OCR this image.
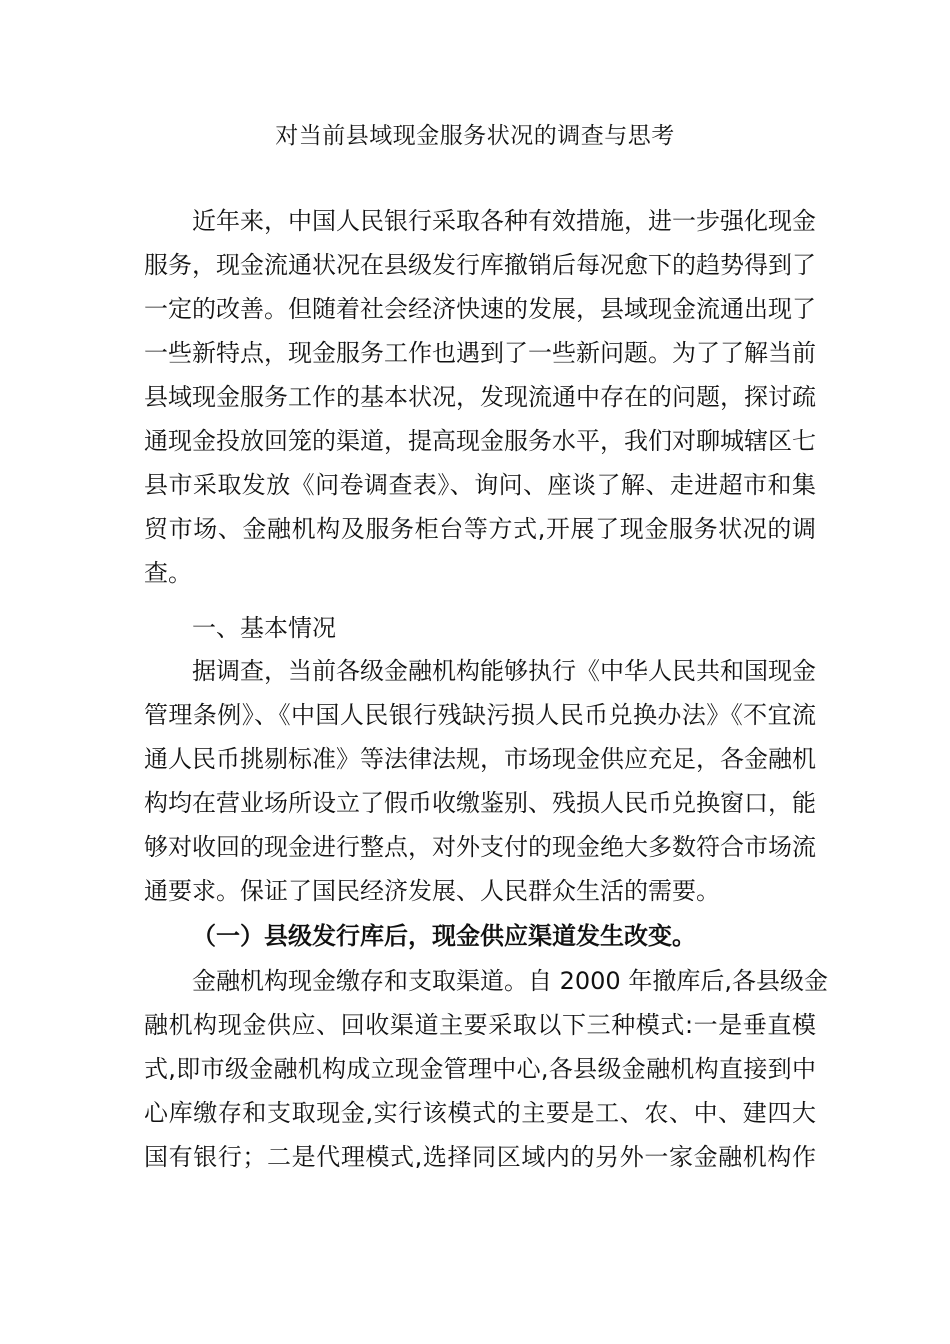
对当前县域现金服务状况的调查与思考
近年来，中国人民银行采取各种有效措施，进一步强化现金
服务，现金流通状况在县级发行库撤销后每况愈下的趋势得到了
一定的改善。但随着社会经济快速的发展，县域现金流通出现了
一些新特点，现金服务工作也遇到了一些新问题。为了了解当前
县域现金服务工作的基本状况，发现流通中存在的问题，探讨疏
通现金投放回笼的渠道，提高现金服务水平，我们对聊城辖区七
县市采取发放《问卷调查表》、询问、座谈了解、走进超市和集
贸市场、金融机构及服务柜台等方式,开展了现金服务状况的调
查。
一、基本情况
据调查，当前各级金融机构能够执行《中华人民共和国现金
管理条例》、《中国人民银行残缺污损人民币兑换办法》《不宜流
通人民币挑剔标准》等法律法规，市场现金供应充足，各金融机
构均在营业场所设立了假币收缴鉴别、残损人民币兑换窗口，能
够对收回的现金进行整点，对外支付的现金绝大多数符合市场流
通要求。保证了国民经济发展、人民群众生活的需要。
（一）县级发行库后，现金供应渠道发生改变。
金融机构现金缴存和支取渠道。自 2000 年撤库后,各县级金
融机构现金供应、回收渠道主要采取以下三种模式:一是垂直模
式,即市级金融机构成立现金管理中心,各县级金融机构直接到中
心库缴存和支取现金,实行该模式的主要是工、农、中、建四大
国有银行；二是代理模式,选择同区域内的另外一家金融机构作
